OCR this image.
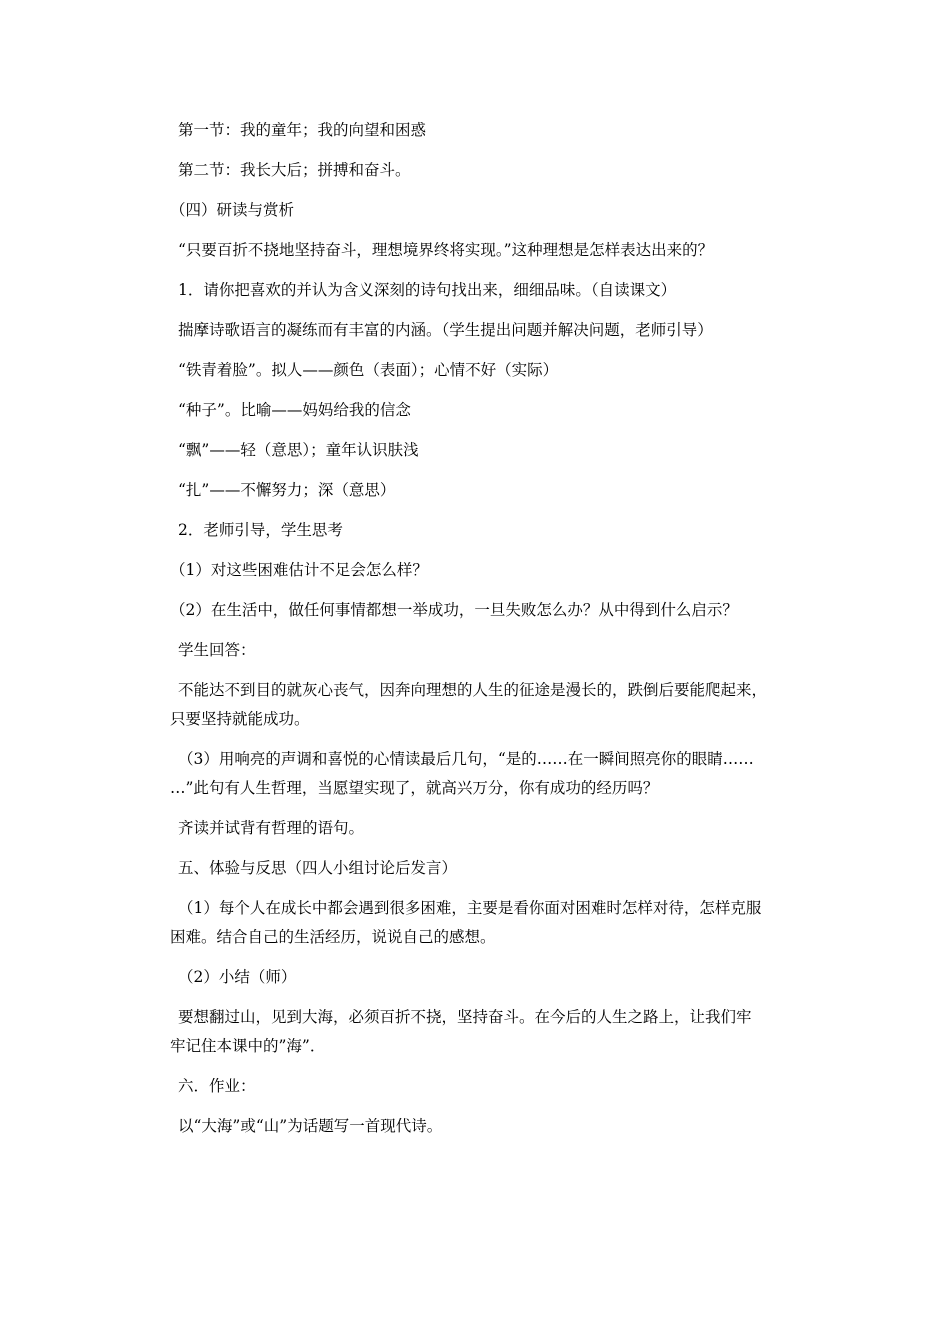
第一节：我的童年；我的向望和困惑

第二节：我长大后；拼搏和奋斗。

（四）研读与赏析

“只要百折不挠地坚持奋斗，理想境界终将实现。”这种理想是怎样表达出来的？

1．请你把喜欢的并认为含义深刻的诗句找出来，细细品味。（自读课文）

揣摩诗歌语言的凝练而有丰富的内涵。（学生提出问题并解决问题，老师引导）

“铁青着脸”。拟人——颜色（表面）；心情不好（实际）

“种子”。比喻——妈妈给我的信念

“飘”——轻（意思）；童年认识肤浅

“扎”——不懈努力；深（意思）

2．老师引导，学生思考

（1）对这些困难估计不足会怎么样？

（2）在生活中，做任何事情都想一举成功，一旦失败怎么办？从中得到什么启示？

学生回答：

不能达不到目的就灰心丧气，因奔向理想的人生的征途是漫长的，跌倒后要能爬起来，

只要坚持就能成功。

（3）用响亮的声调和喜悦的心情读最后几句，“是的……在一瞬间照亮你的眼睛……

…”此句有人生哲理，当愿望实现了，就高兴万分，你有成功的经历吗？

齐读并试背有哲理的语句。

五、体验与反思（四人小组讨论后发言）

（1）每个人在成长中都会遇到很多困难，主要是看你面对困难时怎样对待，怎样克服

困难。结合自己的生活经历，说说自己的感想。

（2）小结（师）

要想翻过山，见到大海，必须百折不挠，坚持奋斗。在今后的人生之路上，让我们牢

牢记住本课中的”海”．

六．作业：

以“大海”或“山”为话题写一首现代诗。
